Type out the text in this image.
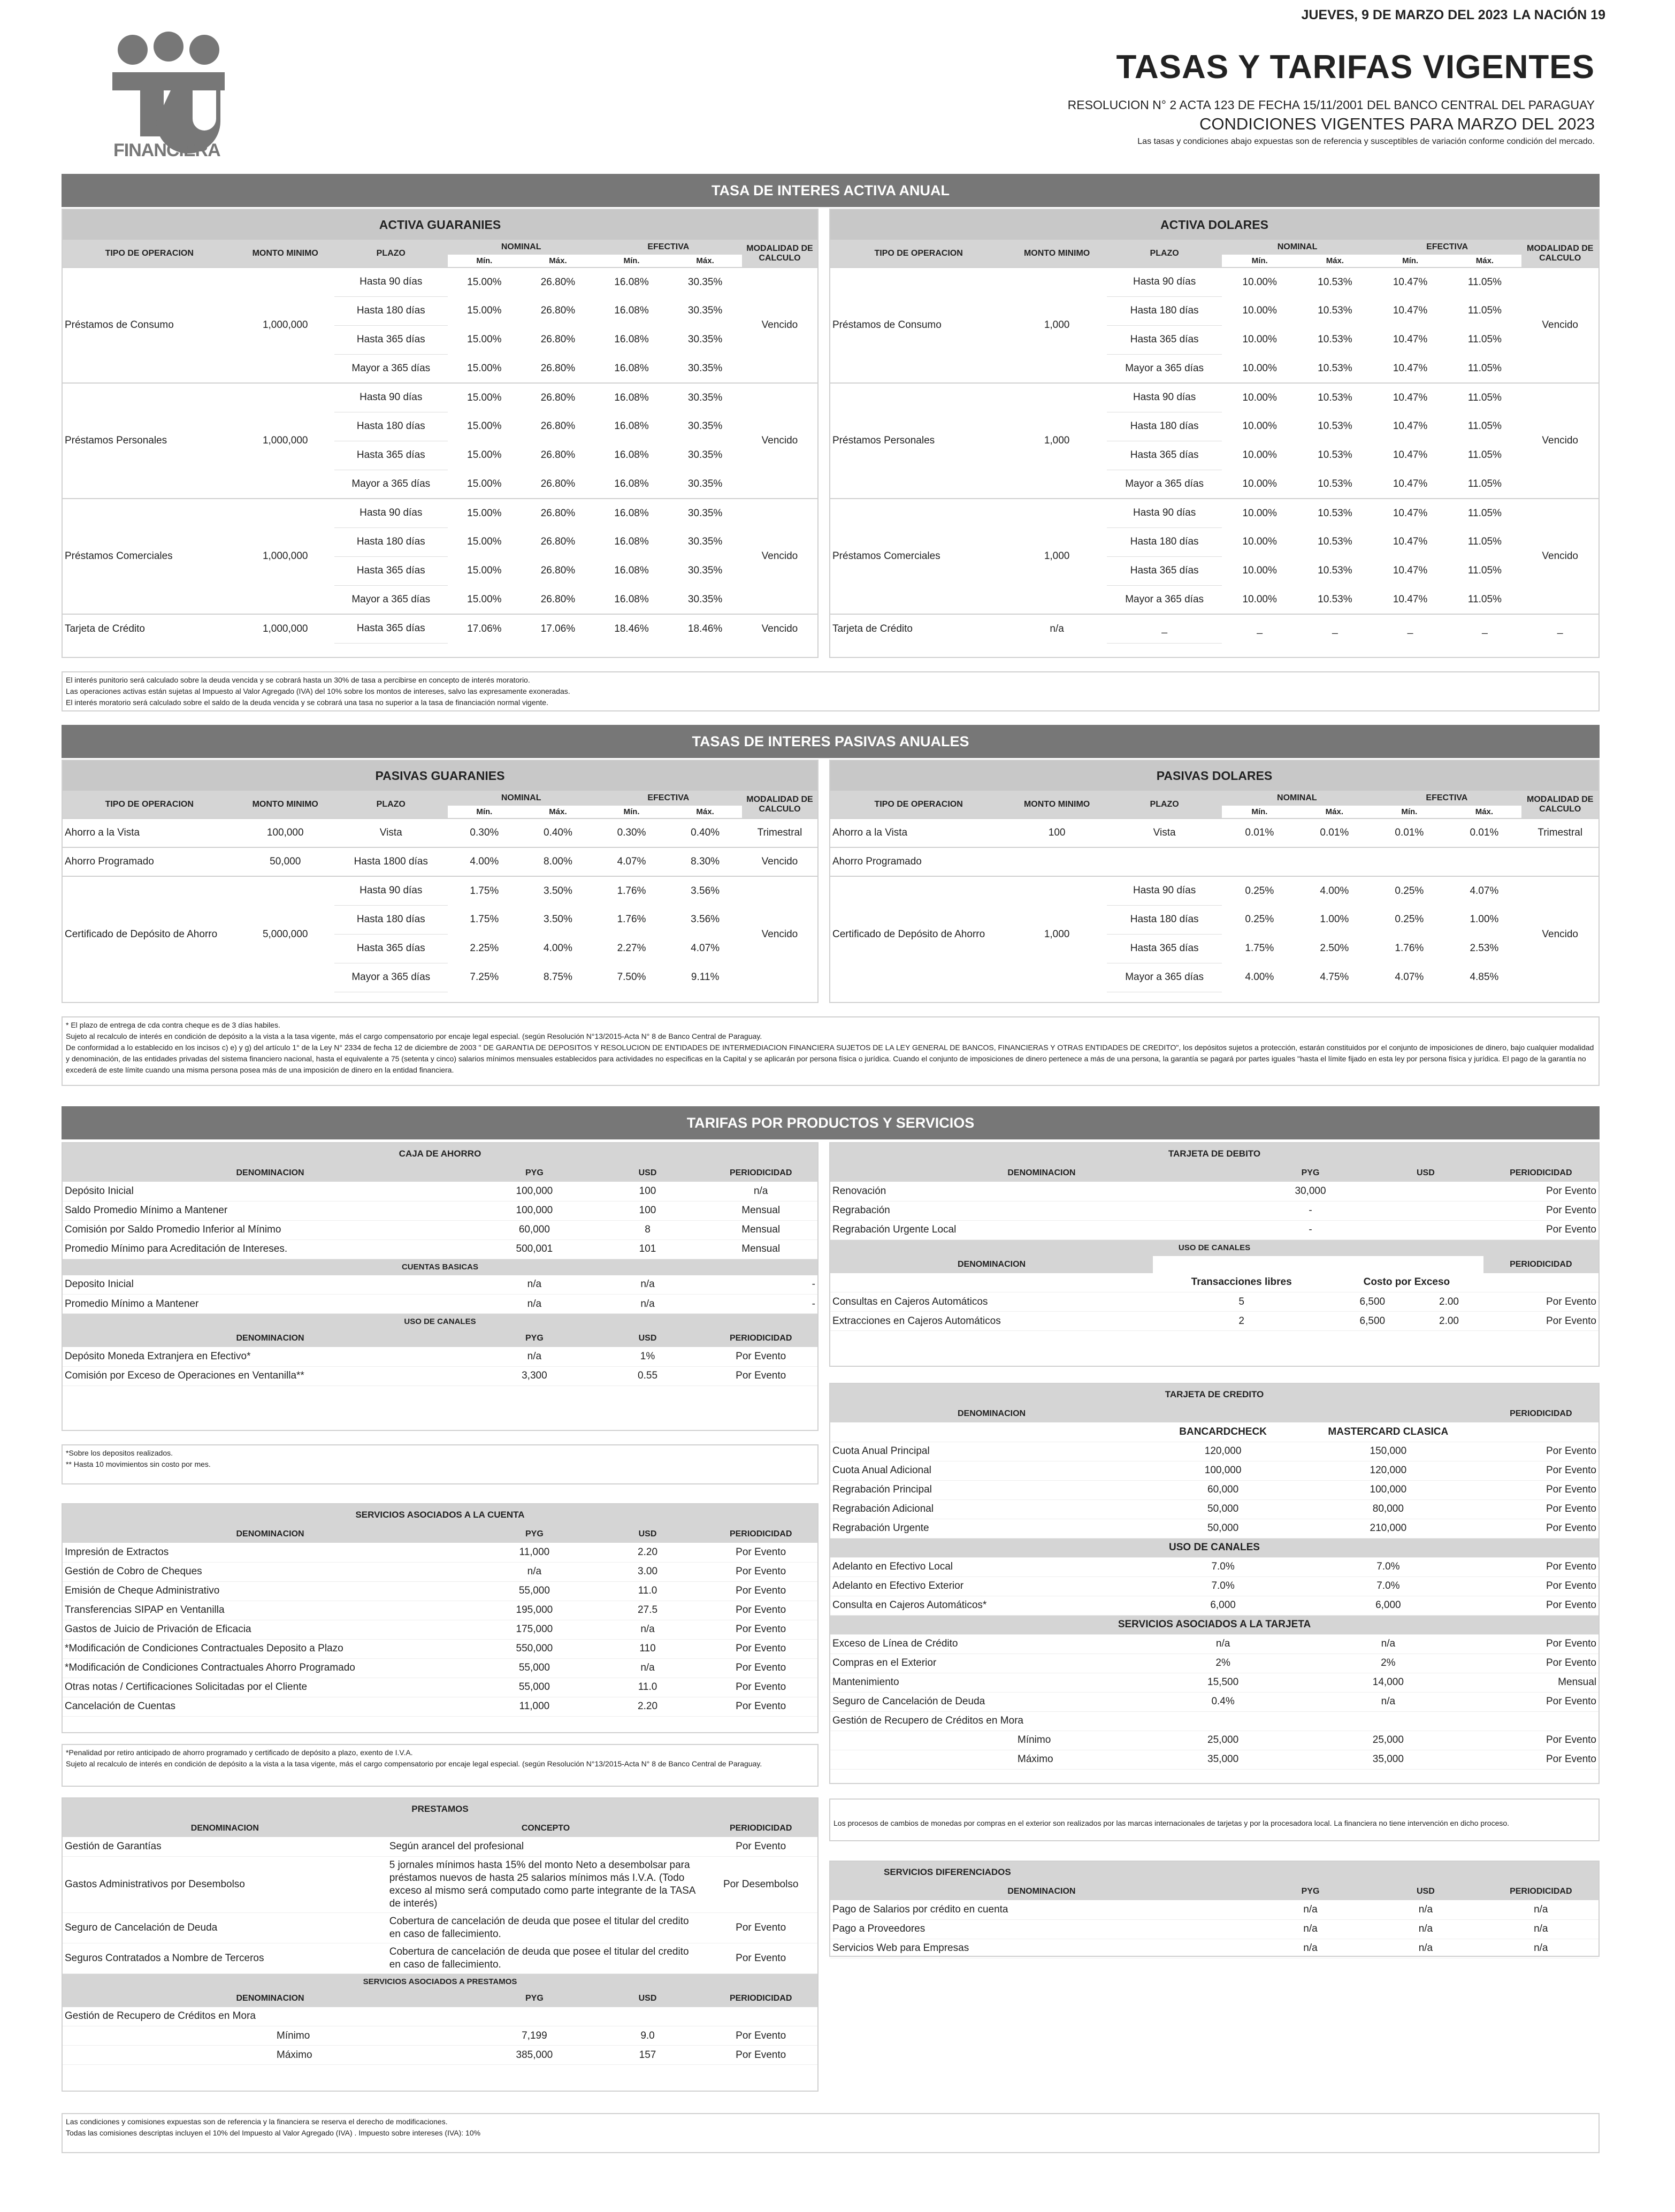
JUEVES, 9 DE MARZO DEL 2023 LA NACIÓN 19
FINANCIERA
TASAS Y TARIFAS VIGENTES
RESOLUCION N° 2 ACTA 123 DE FECHA 15/11/2001 DEL BANCO CENTRAL DEL PARAGUAY
CONDICIONES VIGENTES PARA MARZO DEL 2023
Las tasas y condiciones abajo expuestas son de referencia y susceptibles de variación conforme condición del mercado.
TASA DE INTERES ACTIVA ANUAL
ACTIVA GUARANIES
TIPO DE OPERACION	MONTO MINIMO	PLAZO	NOMINAL		EFECTIVA		MODALIDAD DE CALCULO
			Mín.	Máx.	Mín.	Máx.	
Préstamos de Consumo	1,000,000	Hasta 90 días	15.00%	26.80%	16.08%	30.35%	Vencido
		Hasta 180 días	15.00%	26.80%	16.08%	30.35%	
		Hasta 365 días	15.00%	26.80%	16.08%	30.35%	
		Mayor a 365 días	15.00%	26.80%	16.08%	30.35%	
Préstamos Personales	1,000,000	Hasta 90 días	15.00%	26.80%	16.08%	30.35%	Vencido
		Hasta 180 días	15.00%	26.80%	16.08%	30.35%	
		Hasta 365 días	15.00%	26.80%	16.08%	30.35%	
		Mayor a 365 días	15.00%	26.80%	16.08%	30.35%	
Préstamos Comerciales	1,000,000	Hasta 90 días	15.00%	26.80%	16.08%	30.35%	Vencido
		Hasta 180 días	15.00%	26.80%	16.08%	30.35%	
		Hasta 365 días	15.00%	26.80%	16.08%	30.35%	
		Mayor a 365 días	15.00%	26.80%	16.08%	30.35%	
Tarjeta de Crédito	1,000,000	Hasta 365 días	17.06%	17.06%	18.46%	18.46%	Vencido
ACTIVA DOLARES
TIPO DE OPERACION	MONTO MINIMO	PLAZO	NOMINAL		EFECTIVA		MODALIDAD DE CALCULO
			Mín.	Máx.	Mín.	Máx.	
Préstamos de Consumo	1,000	Hasta 90 días	10.00%	10.53%	10.47%	11.05%	Vencido
		Hasta 180 días	10.00%	10.53%	10.47%	11.05%	
		Hasta 365 días	10.00%	10.53%	10.47%	11.05%	
		Mayor a 365 días	10.00%	10.53%	10.47%	11.05%	
Préstamos Personales	1,000	Hasta 90 días	10.00%	10.53%	10.47%	11.05%	Vencido
		Hasta 180 días	10.00%	10.53%	10.47%	11.05%	
		Hasta 365 días	10.00%	10.53%	10.47%	11.05%	
		Mayor a 365 días	10.00%	10.53%	10.47%	11.05%	
Préstamos Comerciales	1,000	Hasta 90 días	10.00%	10.53%	10.47%	11.05%	Vencido
		Hasta 180 días	10.00%	10.53%	10.47%	11.05%	
		Hasta 365 días	10.00%	10.53%	10.47%	11.05%	
		Mayor a 365 días	10.00%	10.53%	10.47%	11.05%	
Tarjeta de Crédito	n/a	_	_	_	_	_	_
El interés punitorio será calculado sobre la deuda vencida y se cobrará hasta un 30% de tasa a percibirse en concepto de interés moratorio.
Las operaciones activas están sujetas al Impuesto al Valor Agregado (IVA) del 10% sobre los montos de intereses, salvo las expresamente exoneradas.
El interés moratorio será calculado sobre el saldo de la deuda vencida y se cobrará una tasa no superior a la tasa de financiación normal vigente.
TASAS DE INTERES PASIVAS ANUALES
PASIVAS GUARANIES
TIPO DE OPERACION	MONTO MINIMO	PLAZO	NOMINAL		EFECTIVA		MODALIDAD DE CALCULO
			Mín.	Máx.	Mín.	Máx.	
Ahorro a la Vista	100,000	Vista	0.30%	0.40%	0.30%	0.40%	Trimestral
Ahorro Programado	50,000	Hasta 1800 días	4.00%	8.00%	4.07%	8.30%	Vencido
Certificado de Depósito de Ahorro	5,000,000	Hasta 90 días	1.75%	3.50%	1.76%	3.56%	Vencido
		Hasta 180 días	1.75%	3.50%	1.76%	3.56%	
		Hasta 365 días	2.25%	4.00%	2.27%	4.07%	
		Mayor a 365 días	7.25%	8.75%	7.50%	9.11%	
PASIVAS DOLARES
TIPO DE OPERACION	MONTO MINIMO	PLAZO	NOMINAL		EFECTIVA		MODALIDAD DE CALCULO
			Mín.	Máx.	Mín.	Máx.	
Ahorro a la Vista	100	Vista	0.01%	0.01%	0.01%	0.01%	Trimestral
Ahorro Programado							
Certificado de Depósito de Ahorro	1,000	Hasta 90 días	0.25%	4.00%	0.25%	4.07%	Vencido
		Hasta 180 días	0.25%	1.00%	0.25%	1.00%	
		Hasta 365 días	1.75%	2.50%	1.76%	2.53%	
		Mayor a 365 días	4.00%	4.75%	4.07%	4.85%	
* El plazo de entrega de cda contra cheque es de 3 días habiles.
Sujeto al recalculo de interés en condición de depósito a la vista a la tasa vigente, más el cargo compensatorio por encaje legal especial. (según Resolución N°13/2015-Acta N° 8 de Banco Central de Paraguay.
De conformidad a lo establecido en los incisos c) e) y g) del artículo 1° de la Ley N° 2334 de fecha 12 de diciembre de 2003 " DE GARANTIA DE DEPOSITOS Y RESOLUCION DE ENTIDADES DE INTERMEDIACION FINANCIERA SUJETOS DE LA LEY GENERAL DE BANCOS, FINANCIERAS Y OTRAS ENTIDADES DE CREDITO", los depósitos sujetos a protección, estarán constituidos por el conjunto de imposiciones de dinero, bajo cualquier modalidad y denominación, de las entidades privadas del sistema financiero nacional, hasta el equivalente a 75 (setenta y cinco) salarios mínimos mensuales establecidos para actividades no especificas en la Capital y se aplicarán por persona física o jurídica. Cuando el conjunto de imposiciones de dinero pertenece a más de una persona, la garantía se pagará por partes iguales "hasta el límite fijado en esta ley por persona física y jurídica. El pago de la garantía no excederá de este límite cuando una misma persona posea más de una imposición de dinero en la entidad financiera.
TARIFAS POR PRODUCTOS Y SERVICIOS
CAJA DE AHORRO
DENOMINACION	PYG	USD	PERIODICIDAD
Depósito Inicial	100,000	100	n/a
Saldo Promedio Mínimo a Mantener	100,000	100	Mensual
Comisión por Saldo Promedio Inferior al Mínimo	60,000	8	Mensual
Promedio Mínimo para Acreditación de Intereses.	500,001	101	Mensual
CUENTAS BASICAS
Deposito Inicial	n/a	n/a	-
Promedio Mínimo a Mantener	n/a	n/a	-
USO DE CANALES
DENOMINACION	PYG	USD	PERIODICIDAD
Depósito Moneda Extranjera en Efectivo*	n/a	1%	Por Evento
Comisión por Exceso de Operaciones en Ventanilla**	3,300	0.55	Por Evento
*Sobre los depositos realizados.
** Hasta 10 movimientos sin costo por mes.
SERVICIOS ASOCIADOS A LA CUENTA
DENOMINACION	PYG	USD	PERIODICIDAD
Impresión de Extractos	11,000	2.20	Por Evento
Gestión de Cobro de Cheques	n/a	3.00	Por Evento
Emisión de Cheque Administrativo	55,000	11.0	Por Evento
Transferencias SIPAP en Ventanilla	195,000	27.5	Por Evento
Gastos de Juicio de Privación de Eficacia	175,000	n/a	Por Evento
*Modificación de Condiciones Contractuales Deposito a Plazo	550,000	110	Por Evento
*Modificación de Condiciones Contractuales Ahorro Programado	55,000	n/a	Por Evento
Otras notas / Certificaciones Solicitadas por el Cliente	55,000	11.0	Por Evento
Cancelación de Cuentas	11,000	2.20	Por Evento
*Penalidad por retiro anticipado de ahorro programado y certificado de depósito a plazo, exento de I.V.A.
Sujeto al recalculo de interés en condición de depósito a la vista a la tasa vigente, más el cargo compensatorio por encaje legal especial. (según Resolución N°13/2015-Acta N° 8 de Banco Central de Paraguay.
PRESTAMOS
DENOMINACION	CONCEPTO	PERIODICIDAD
Gestión de Garantías	Según arancel del profesional	Por Evento
Gastos Administrativos por Desembolso	5 jornales mínimos hasta 15% del monto Neto a desembolsar para préstamos nuevos de hasta 25 salarios mínimos más I.V.A. (Todo exceso al mismo será computado como parte integrante de la TASA de interés)	Por Desembolso
Seguro de Cancelación de Deuda	Cobertura de cancelación de deuda que posee el titular del credito en caso de fallecimiento.	Por Evento
Seguros Contratados a Nombre de Terceros	Cobertura de cancelación de deuda que posee el titular del credito en caso de fallecimiento.	Por Evento
SERVICIOS ASOCIADOS A PRESTAMOS
DENOMINACION	PYG	USD	PERIODICIDAD
Gestión de Recupero de Créditos en Mora			
Mínimo	7,199	9.0	Por Evento
Máximo	385,000	157	Por Evento
TARJETA DE DEBITO
DENOMINACION	PYG	USD	PERIODICIDAD
Renovación	30,000		Por Evento
Regrabación	-		Por Evento
Regrabación Urgente Local	-		Por Evento
USO DE CANALES
DENOMINACION				PERIODICIDAD
	Transacciones libres	Costo por Exceso		
Consultas en Cajeros Automáticos	5	6,500	2.00	Por Evento
Extracciones en Cajeros Automáticos	2	6,500	2.00	Por Evento
TARJETA DE CREDITO
DENOMINACION			PERIODICIDAD
	BANCARDCHECK	MASTERCARD CLASICA	
Cuota Anual Principal	120,000	150,000	Por Evento
Cuota Anual Adicional	100,000	120,000	Por Evento
Regrabación Principal	60,000	100,000	Por Evento
Regrabación Adicional	50,000	80,000	Por Evento
Regrabación Urgente	50,000	210,000	Por Evento
USO DE CANALES			
Adelanto en Efectivo Local	7.0%	7.0%	Por Evento
Adelanto en Efectivo Exterior	7.0%	7.0%	Por Evento
Consulta en Cajeros Automáticos*	6,000	6,000	Por Evento
SERVICIOS ASOCIADOS A LA TARJETA			
Exceso de Línea de Crédito	n/a	n/a	Por Evento
Compras en el Exterior	2%	2%	Por Evento
Mantenimiento	15,500	14,000	Mensual
Seguro de Cancelación de Deuda	0.4%	n/a	Por Evento
Gestión de Recupero de Créditos en Mora			
Mínimo	25,000	25,000	Por Evento
Máximo	35,000	35,000	Por Evento
Los procesos de cambios de monedas por compras en el exterior son realizados por las marcas internacionales de tarjetas y por la procesadora local. La financiera no tiene intervención en dicho proceso.
SERVICIOS DIFERENCIADOS
DENOMINACION	PYG	USD	PERIODICIDAD
Pago de Salarios por crédito en cuenta	n/a	n/a	n/a
Pago a Proveedores	n/a	n/a	n/a
Servicios Web para Empresas	n/a	n/a	n/a
Las condiciones y comisiones expuestas son de referencia y la financiera se reserva el derecho de modificaciones.
Todas las comisiones descriptas incluyen el 10% del Impuesto al Valor Agregado (IVA) . Impuesto sobre intereses (IVA): 10%
